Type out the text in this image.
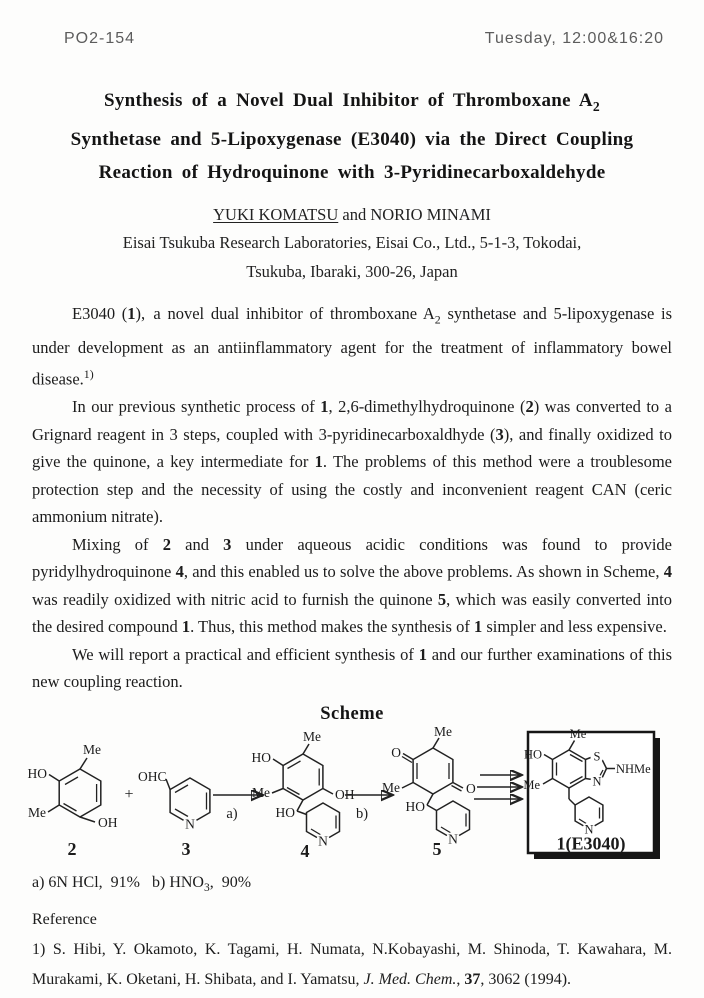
PO2-154	Tuesday, 12:00&16:20
Synthesis of a Novel Dual Inhibitor of Thromboxane $A_2$
Synthetase and 5-Lipoxygenase (E3040) via the Direct Coupling
Reaction of Hydroquinone with 3-Pyridinecarboxaldehyde
YUKI KOMATSU and NORIO MINAMI
Eisai Tsukuba Research Laboratories, Eisai Co., Ltd., 5-1-3, Tokodai,
Tsukuba, Ibaraki, 300-26, Japan

E3040 (1), a novel dual inhibitor of thromboxane $A_2$ synthetase and 5-lipoxygenase is under development as an antiinflammatory agent for the treatment of inflammatory bowel disease.$^{1)}$

In our previous synthetic process of 1, 2,6-dimethylhydroquinone (2) was converted to a Grignard reagent in 3 steps, coupled with 3-pyridinecarboxaldhyde (3), and finally oxidized to give the quinone, a key intermediate for 1. The problems of this method were a troublesome protection step and the necessity of using the costly and inconvenient reagent CAN (ceric ammonium nitrate).

Mixing of 2 and 3 under aqueous acidic conditions was found to provide pyridylhydroquinone 4, and this enabled us to solve the above problems. As shown in Scheme, 4 was readily oxidized with nitric acid to furnish the quinone 5, which was easily converted into the desired compound 1. Thus, this method makes the synthesis of 1 simpler and less expensive.

We will report a practical and efficient synthesis of 1 and our further examinations of this new coupling reaction.

Scheme
HO
Me
Me
OH
2
+
OHC
N
3
a)
Me
HO
Me	OH
HO
N
4
b)
O
Me
Me	O
HO
N
5
S
N
NHMe
Me
HO
Me
N
1(E3040)
a) 6N HCl, 91%  b) $HNO_3$, 90%
Reference
1) S. Hibi, Y. Okamoto, K. Tagami, H. Numata, N.Kobayashi, M. Shinoda, T. Kawahara, M. Murakami, K. Oketani, H. Shibata, and I. Yamatsu, J. Med. Chem., 37, 3062 (1994).
